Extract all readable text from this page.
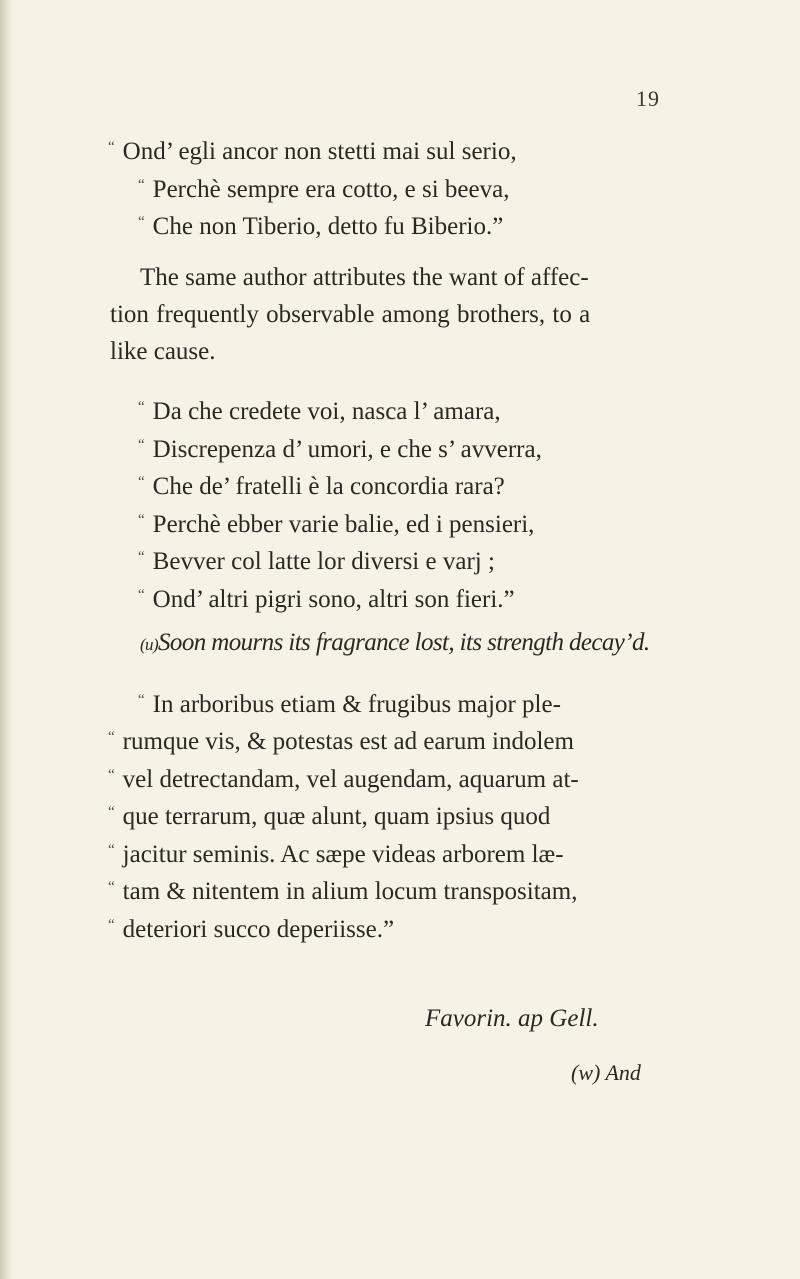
19
“ Ond’ egli ancor non stetti mai sul serio,
“ Perchè sempre era cotto, e si beeva,
“ Che non Tiberio, detto fu Biberio.”
The same author attributes the want of affec-
tion frequently observable among brothers, to a
like cause.
“ Da che credete voi, nasca l’ amara,
“ Discrepenza d’ umori, e che s’ avverra,
“ Che de’ fratelli è la concordia rara?
“ Perchè ebber varie balie, ed i pensieri,
“ Bevver col latte lor diversi e varj ;
“ Ond’ altri pigri sono, altri son fieri.”
(u)Soon mourns its fragrance lost, its strength decay’d.
“ In arboribus etiam & frugibus major ple-
“ rumque vis, & potestas est ad earum indolem
“ vel detrectandam, vel augendam, aquarum at-
“ que terrarum, quæ alunt, quam ipsius quod
“ jacitur seminis. Ac sæpe videas arborem læ-
“ tam & nitentem in alium locum transpositam,
“ deteriori succo deperiisse.”
Favorin. ap Gell.
(w) And
